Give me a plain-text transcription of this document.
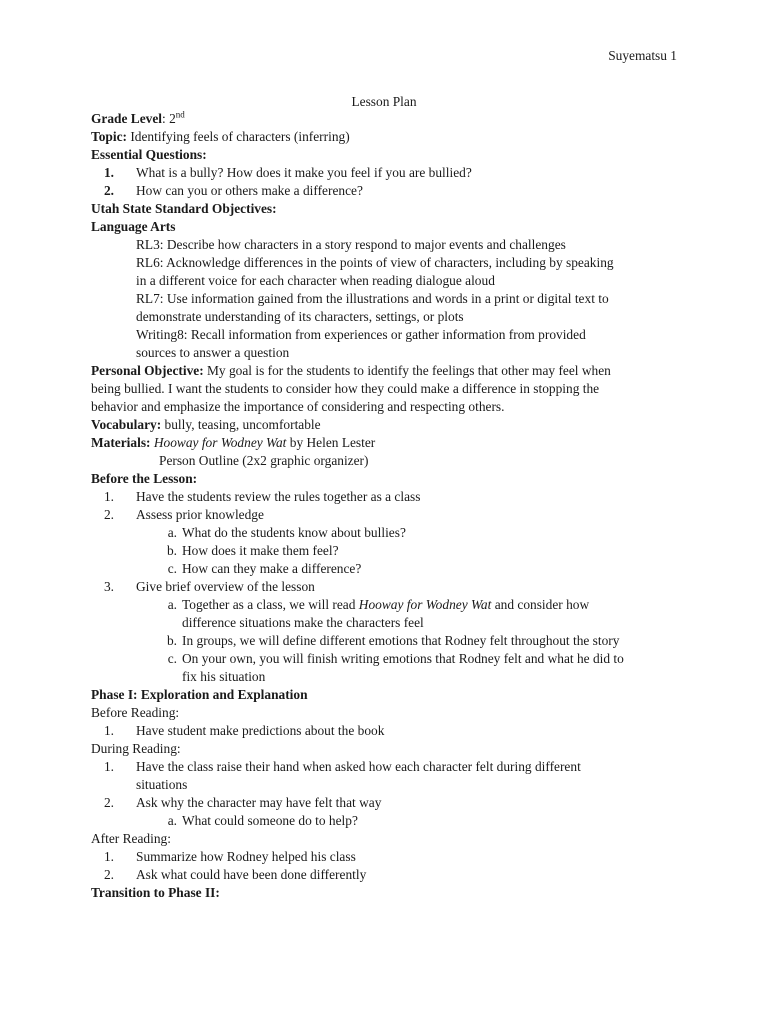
Suyematsu 1
Lesson Plan
Grade Level: 2nd
Topic: Identifying feels of characters (inferring)
Essential Questions:
1. What is a bully? How does it make you feel if you are bullied?
2. How can you or others make a difference?
Utah State Standard Objectives:
Language Arts
RL3: Describe how characters in a story respond to major events and challenges
RL6: Acknowledge differences in the points of view of characters, including by speaking
in a different voice for each character when reading dialogue aloud
RL7: Use information gained from the illustrations and words in a print or digital text to
demonstrate understanding of its characters, settings, or plots
Writing8: Recall information from experiences or gather information from provided
sources to answer a question
Personal Objective: My goal is for the students to identify the feelings that other may feel when
being bullied. I want the students to consider how they could make a difference in stopping the
behavior and emphasize the importance of considering and respecting others.
Vocabulary: bully, teasing, uncomfortable
Materials: Hooway for Wodney Wat by Helen Lester
Person Outline (2x2 graphic organizer)
Before the Lesson:
1. Have the students review the rules together as a class
2. Assess prior knowledge
a. What do the students know about bullies?
b. How does it make them feel?
c. How can they make a difference?
3. Give brief overview of the lesson
a. Together as a class, we will read Hooway for Wodney Wat and consider how
difference situations make the characters feel
b. In groups, we will define different emotions that Rodney felt throughout the story
c. On your own, you will finish writing emotions that Rodney felt and what he did to
fix his situation
Phase I: Exploration and Explanation
Before Reading:
1. Have student make predictions about the book
During Reading:
1. Have the class raise their hand when asked how each character felt during different
situations
2. Ask why the character may have felt that way
a. What could someone do to help?
After Reading:
1. Summarize how Rodney helped his class
2. Ask what could have been done differently
Transition to Phase II:
